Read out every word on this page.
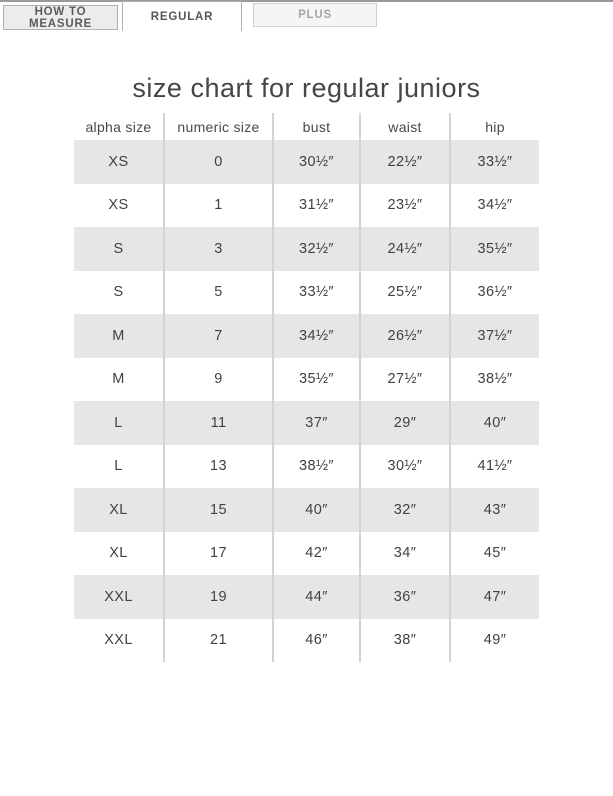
HOW TO MEASURE
REGULAR	PLUS
size chart for regular juniors
alpha size	numeric size	bust	waist	hip
XS	0	30½″	22½″	33½″
XS	1	31½″	23½″	34½″
S	3	32½″	24½″	35½″
S	5	33½″	25½″	36½″
M	7	34½″	26½″	37½″
M	9	35½″	27½″	38½″
L	11	37″	29″	40″
L	13	38½″	30½″	41½″
XL	15	40″	32″	43″
XL	17	42″	34″	45″
XXL	19	44″	36″	47″
XXL	21	46″	38″	49″
